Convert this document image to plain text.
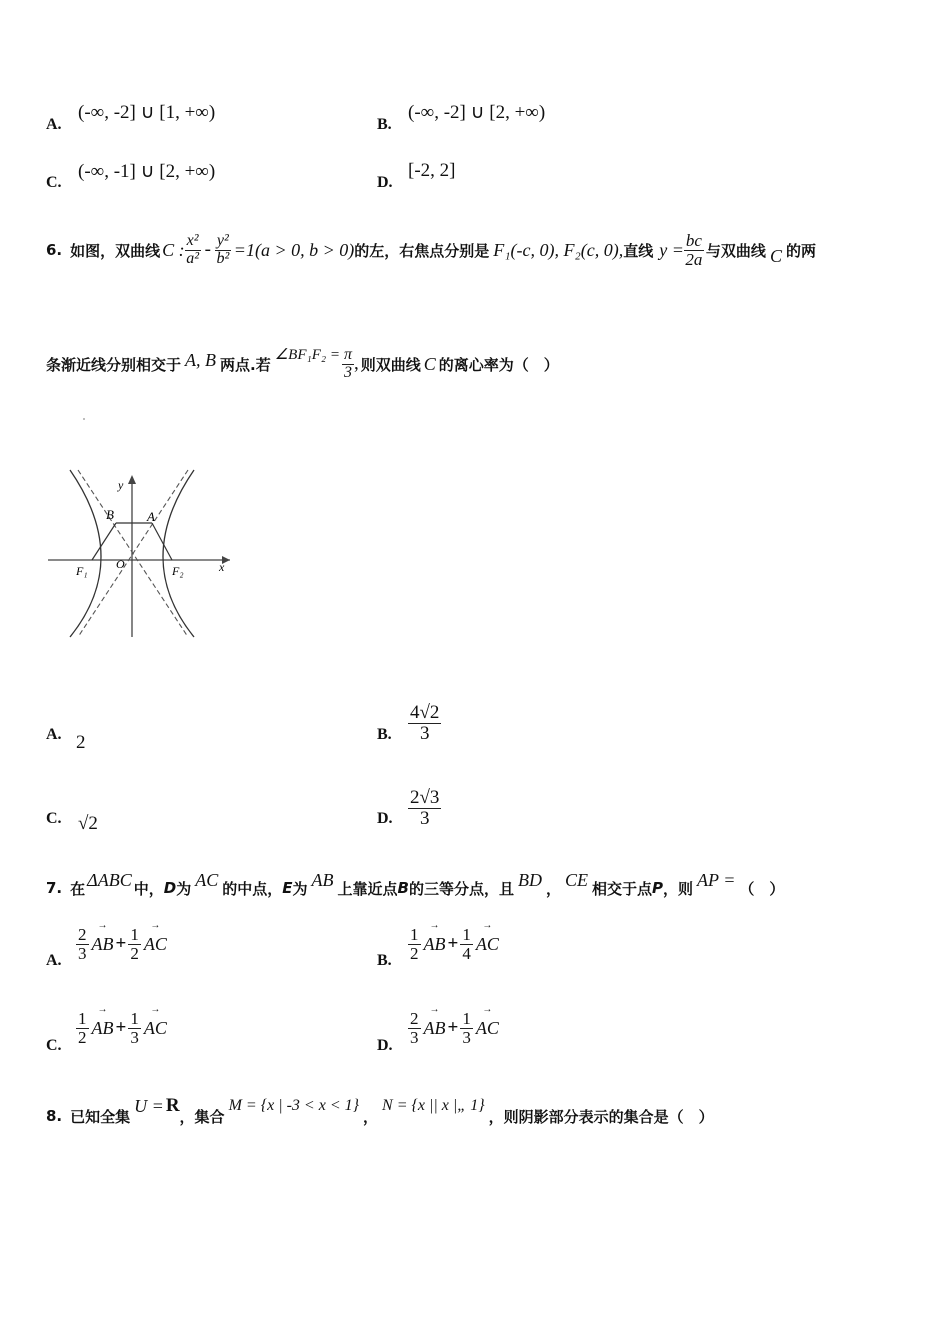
A.
(-∞, -2] ∪ [1, +∞)
B.
(-∞, -2] ∪ [2, +∞)
C.
(-∞, -1] ∪ [2, +∞)
D.
[-2, 2]
6. 如图，双曲线 C : $\frac{\text{x²}}{\text{a²}} - \frac{\text{y²}}{\text{b²}} =1(a > 0$, b > 0) 的左，右焦点分别是 F₁(-c, 0), F₂(c, 0), 直线 $y = \frac{bc}{2a}$ 与双曲线 C 的两
条渐近线分别相交于 A, B 两点.若
∠BF₁F₂ = $\frac{\pi}{3}$ , 则双曲线 C 的离心率为（　）
B	A
O
F₁	F₂	x
y
A. 2	B. $\frac{4√2}{3}$
C. √2	D. $\frac{2√3}{3}$
7. 在 ΔABC 中， D 为 AC 的中点， E 为 AB 上靠近点 B 的三等分点，且 BD ， CE 相交于点 P ，则 AP = （　）
A. $\frac{2}{3}$ → AB + $\frac{1}{2}$ → AC
B. $\frac{1}{2}$ → AB + $\frac{1}{4}$ → AC
C. $\frac{1}{2}$ → AB + $\frac{1}{3}$ → AC
D. $\frac{2}{3}$ → AB + $\frac{1}{3}$ → AC
8. 已知全集
U = R
，集合
M = {x | -3 < x < 1}
，
N = {x || x |„ 1}
，则阴影部分表示的集合是（　）
